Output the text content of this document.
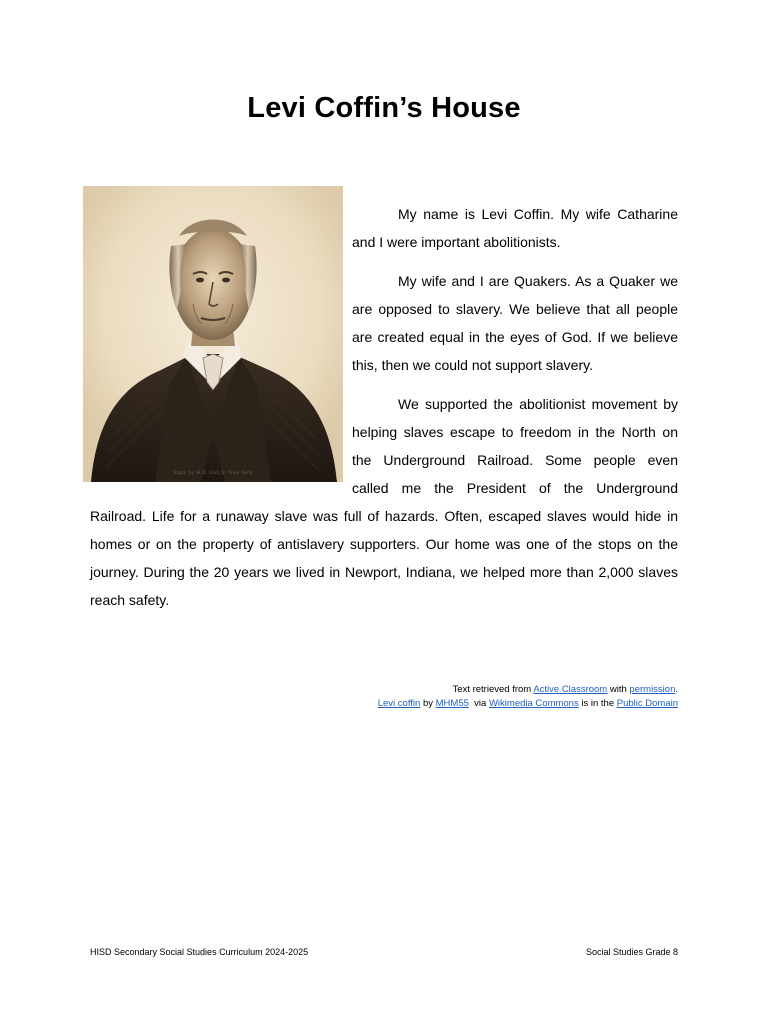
Levi Coffin’s House
Engr. by H.B. Hall Jr. New York

My name is Levi Coffin. My wife Catharine and I were important abolitionists.

My wife and I are Quakers. As a Quaker we are opposed to slavery. We believe that all people are created equal in the eyes of God. If we believe this, then we could not support slavery.

We supported the abolitionist movement by helping slaves escape to freedom in the North on the Underground Railroad. Some people even called me the President of the Underground Railroad. Life for a runaway slave was full of hazards. Often, escaped slaves would hide in homes or on the property of antislavery supporters. Our home was one of the stops on the journey. During the 20 years we lived in Newport, Indiana, we helped more than 2,000 slaves reach safety.

Text retrieved from Active Classroom with permission.
Levi coffin by MHM55  via Wikimedia Commons is in the Public Domain
HISD Secondary Social Studies Curriculum 2024-2025	Social Studies Grade 8
